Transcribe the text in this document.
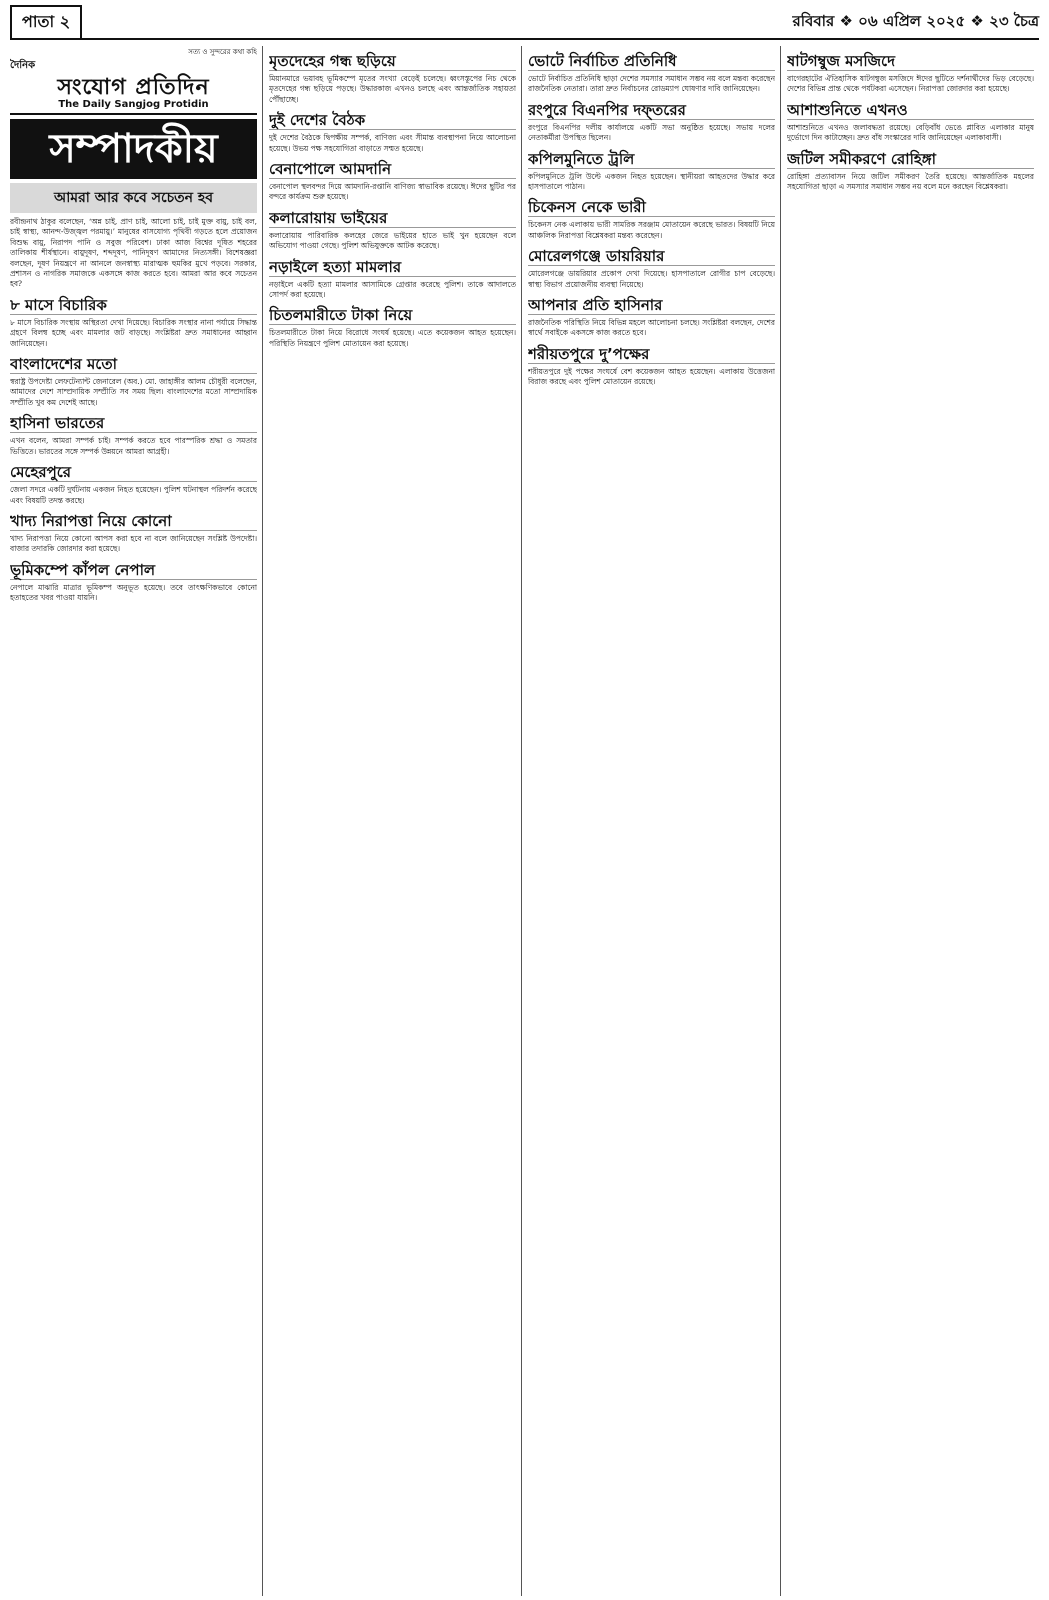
পাতা ২	রবিবার ❖ ০৬ এপ্রিল ২০২৫ ❖ ২৩ চৈত্র
সত্য ও সুন্দরের কথা কহি
দৈনিক
সংযোগ প্রতিদিন
The Daily Sangjog Protidin
সম্পাদকীয়
আমরা আর কবে সচেতন হব

রবীন্দ্রনাথ ঠাকুর বলেছেন, ‘অন্ন চাই, প্রাণ চাই, আলো চাই, চাই মুক্ত বায়ু, চাই বল, চাই স্বাস্থ্য, আনন্দ-উজ্জ্বল পরমায়ু।’ মানুষের বাসযোগ্য পৃথিবী গড়তে হলে প্রয়োজন বিশুদ্ধ বায়ু, নিরাপদ পানি ও সবুজ পরিবেশ। ঢাকা আজ বিশ্বের দূষিত শহরের তালিকায় শীর্ষস্থানে। বায়ুদূষণ, শব্দদূষণ, পানিদূষণ আমাদের নিত্যসঙ্গী। বিশেষজ্ঞরা বলছেন, দূষণ নিয়ন্ত্রণে না আনলে জনস্বাস্থ্য মারাত্মক হুমকির মুখে পড়বে। সরকার, প্রশাসন ও নাগরিক সমাজকে একসঙ্গে কাজ করতে হবে। আমরা আর কবে সচেতন হব?

৮ মাসে বিচারিক

৮ মাসে বিচারিক সংস্থায় অস্থিরতা দেখা দিয়েছে। বিচারিক সংস্থার নানা পর্যায়ে সিদ্ধান্ত গ্রহণে বিলম্ব হচ্ছে এবং মামলার জট বাড়ছে। সংশ্লিষ্টরা দ্রুত সমাধানের আহ্বান জানিয়েছেন।

বাংলাদেশের মতো

স্বরাষ্ট্র উপদেষ্টা লেফটেন্যান্ট জেনারেল (অব.) মো. জাহাঙ্গীর আলম চৌধুরী বলেছেন, আমাদের দেশে সাম্প্রদায়িক সম্প্রীতি সব সময় ছিল। বাংলাদেশের মতো সাম্প্রদায়িক সম্প্রীতি খুব কম দেশেই আছে।

হাসিনা ভারতের

এখন বলেন, আমরা সম্পর্ক চাই। সম্পর্ক করতে হবে পারস্পরিক শ্রদ্ধা ও সমতার ভিত্তিতে। ভারতের সঙ্গে সম্পর্ক উন্নয়নে আমরা আগ্রহী।

মেহেরপুরে

জেলা সদরে একটি দুর্ঘটনায় একজন নিহত হয়েছেন। পুলিশ ঘটনাস্থল পরিদর্শন করেছে এবং বিষয়টি তদন্ত করছে।

খাদ্য নিরাপত্তা নিয়ে কোনো

খাদ্য নিরাপত্তা নিয়ে কোনো আপস করা হবে না বলে জানিয়েছেন সংশ্লিষ্ট উপদেষ্টা। বাজার তদারকি জোরদার করা হয়েছে।

ভূমিকম্পে কাঁপল নেপাল

নেপালে মাঝারি মাত্রার ভূমিকম্প অনুভূত হয়েছে। তবে তাৎক্ষণিকভাবে কোনো হতাহতের খবর পাওয়া যায়নি।

মৃতদেহের গন্ধ ছড়িয়ে

মিয়ানমারে ভয়াবহ ভূমিকম্পে মৃতের সংখ্যা বেড়েই চলেছে। ধ্বংসস্তূপের নিচ থেকে মৃতদেহের গন্ধ ছড়িয়ে পড়ছে। উদ্ধারকাজ এখনও চলছে এবং আন্তর্জাতিক সহায়তা পৌঁছাচ্ছে।

দুই দেশের বৈঠক

দুই দেশের বৈঠকে দ্বিপক্ষীয় সম্পর্ক, বাণিজ্য এবং সীমান্ত ব্যবস্থাপনা নিয়ে আলোচনা হয়েছে। উভয় পক্ষ সহযোগিতা বাড়াতে সম্মত হয়েছে।

বেনাপোলে আমদানি

বেনাপোল স্থলবন্দর দিয়ে আমদানি-রপ্তানি বাণিজ্য স্বাভাবিক রয়েছে। ঈদের ছুটির পর বন্দরে কার্যক্রম শুরু হয়েছে।

কলারোয়ায় ভাইয়ের

কলারোয়ায় পারিবারিক কলহের জেরে ভাইয়ের হাতে ভাই খুন হয়েছেন বলে অভিযোগ পাওয়া গেছে। পুলিশ অভিযুক্তকে আটক করেছে।

নড়াইলে হত্যা মামলার

নড়াইলে একটি হত্যা মামলার আসামিকে গ্রেপ্তার করেছে পুলিশ। তাকে আদালতে সোপর্দ করা হয়েছে।

চিতলমারীতে টাকা নিয়ে

চিতলমারীতে টাকা নিয়ে বিরোধে সংঘর্ষ হয়েছে। এতে কয়েকজন আহত হয়েছেন। পরিস্থিতি নিয়ন্ত্রণে পুলিশ মোতায়েন করা হয়েছে।

ভোটে নির্বাচিত প্রতিনিধি

ভোটে নির্বাচিত প্রতিনিধি ছাড়া দেশের সমস্যার সমাধান সম্ভব নয় বলে মন্তব্য করেছেন রাজনৈতিক নেতারা। তারা দ্রুত নির্বাচনের রোডম্যাপ ঘোষণার দাবি জানিয়েছেন।

রংপুরে বিএনপির দফ্তরের

রংপুরে বিএনপির দলীয় কার্যালয়ে একটি সভা অনুষ্ঠিত হয়েছে। সভায় দলের নেতাকর্মীরা উপস্থিত ছিলেন।

কপিলমুনিতে ট্রলি

কপিলমুনিতে ট্রলি উল্টে একজন নিহত হয়েছেন। স্থানীয়রা আহতদের উদ্ধার করে হাসপাতালে পাঠান।

চিকেনস নেকে ভারী

চিকেনস নেক এলাকায় ভারী সামরিক সরঞ্জাম মোতায়েন করেছে ভারত। বিষয়টি নিয়ে আঞ্চলিক নিরাপত্তা বিশ্লেষকরা মন্তব্য করেছেন।

মোরেলগঞ্জে ডায়রিয়ার

মোরেলগঞ্জে ডায়রিয়ার প্রকোপ দেখা দিয়েছে। হাসপাতালে রোগীর চাপ বেড়েছে। স্বাস্থ্য বিভাগ প্রয়োজনীয় ব্যবস্থা নিয়েছে।

আপনার প্রতি হাসিনার

রাজনৈতিক পরিস্থিতি নিয়ে বিভিন্ন মহলে আলোচনা চলছে। সংশ্লিষ্টরা বলছেন, দেশের স্বার্থে সবাইকে একসঙ্গে কাজ করতে হবে।

শরীয়তপুরে দু’পক্ষের

শরীয়তপুরে দুই পক্ষের সংঘর্ষে বেশ কয়েকজন আহত হয়েছেন। এলাকায় উত্তেজনা বিরাজ করছে এবং পুলিশ মোতায়েন রয়েছে।

ষাটগম্বুজ মসজিদে

বাগেরহাটের ঐতিহাসিক ষাটগম্বুজ মসজিদে ঈদের ছুটিতে দর্শনার্থীদের ভিড় বেড়েছে। দেশের বিভিন্ন প্রান্ত থেকে পর্যটকরা এসেছেন। নিরাপত্তা জোরদার করা হয়েছে।

আশাশুনিতে এখনও

আশাশুনিতে এখনও জলাবদ্ধতা রয়েছে। বেড়িবাঁধ ভেঙে প্লাবিত এলাকার মানুষ দুর্ভোগে দিন কাটাচ্ছেন। দ্রুত বাঁধ সংস্কারের দাবি জানিয়েছেন এলাকাবাসী।

জটিল সমীকরণে রোহিঙ্গা

রোহিঙ্গা প্রত্যাবাসন নিয়ে জটিল সমীকরণ তৈরি হয়েছে। আন্তর্জাতিক মহলের সহযোগিতা ছাড়া এ সমস্যার সমাধান সম্ভব নয় বলে মনে করছেন বিশ্লেষকরা।
